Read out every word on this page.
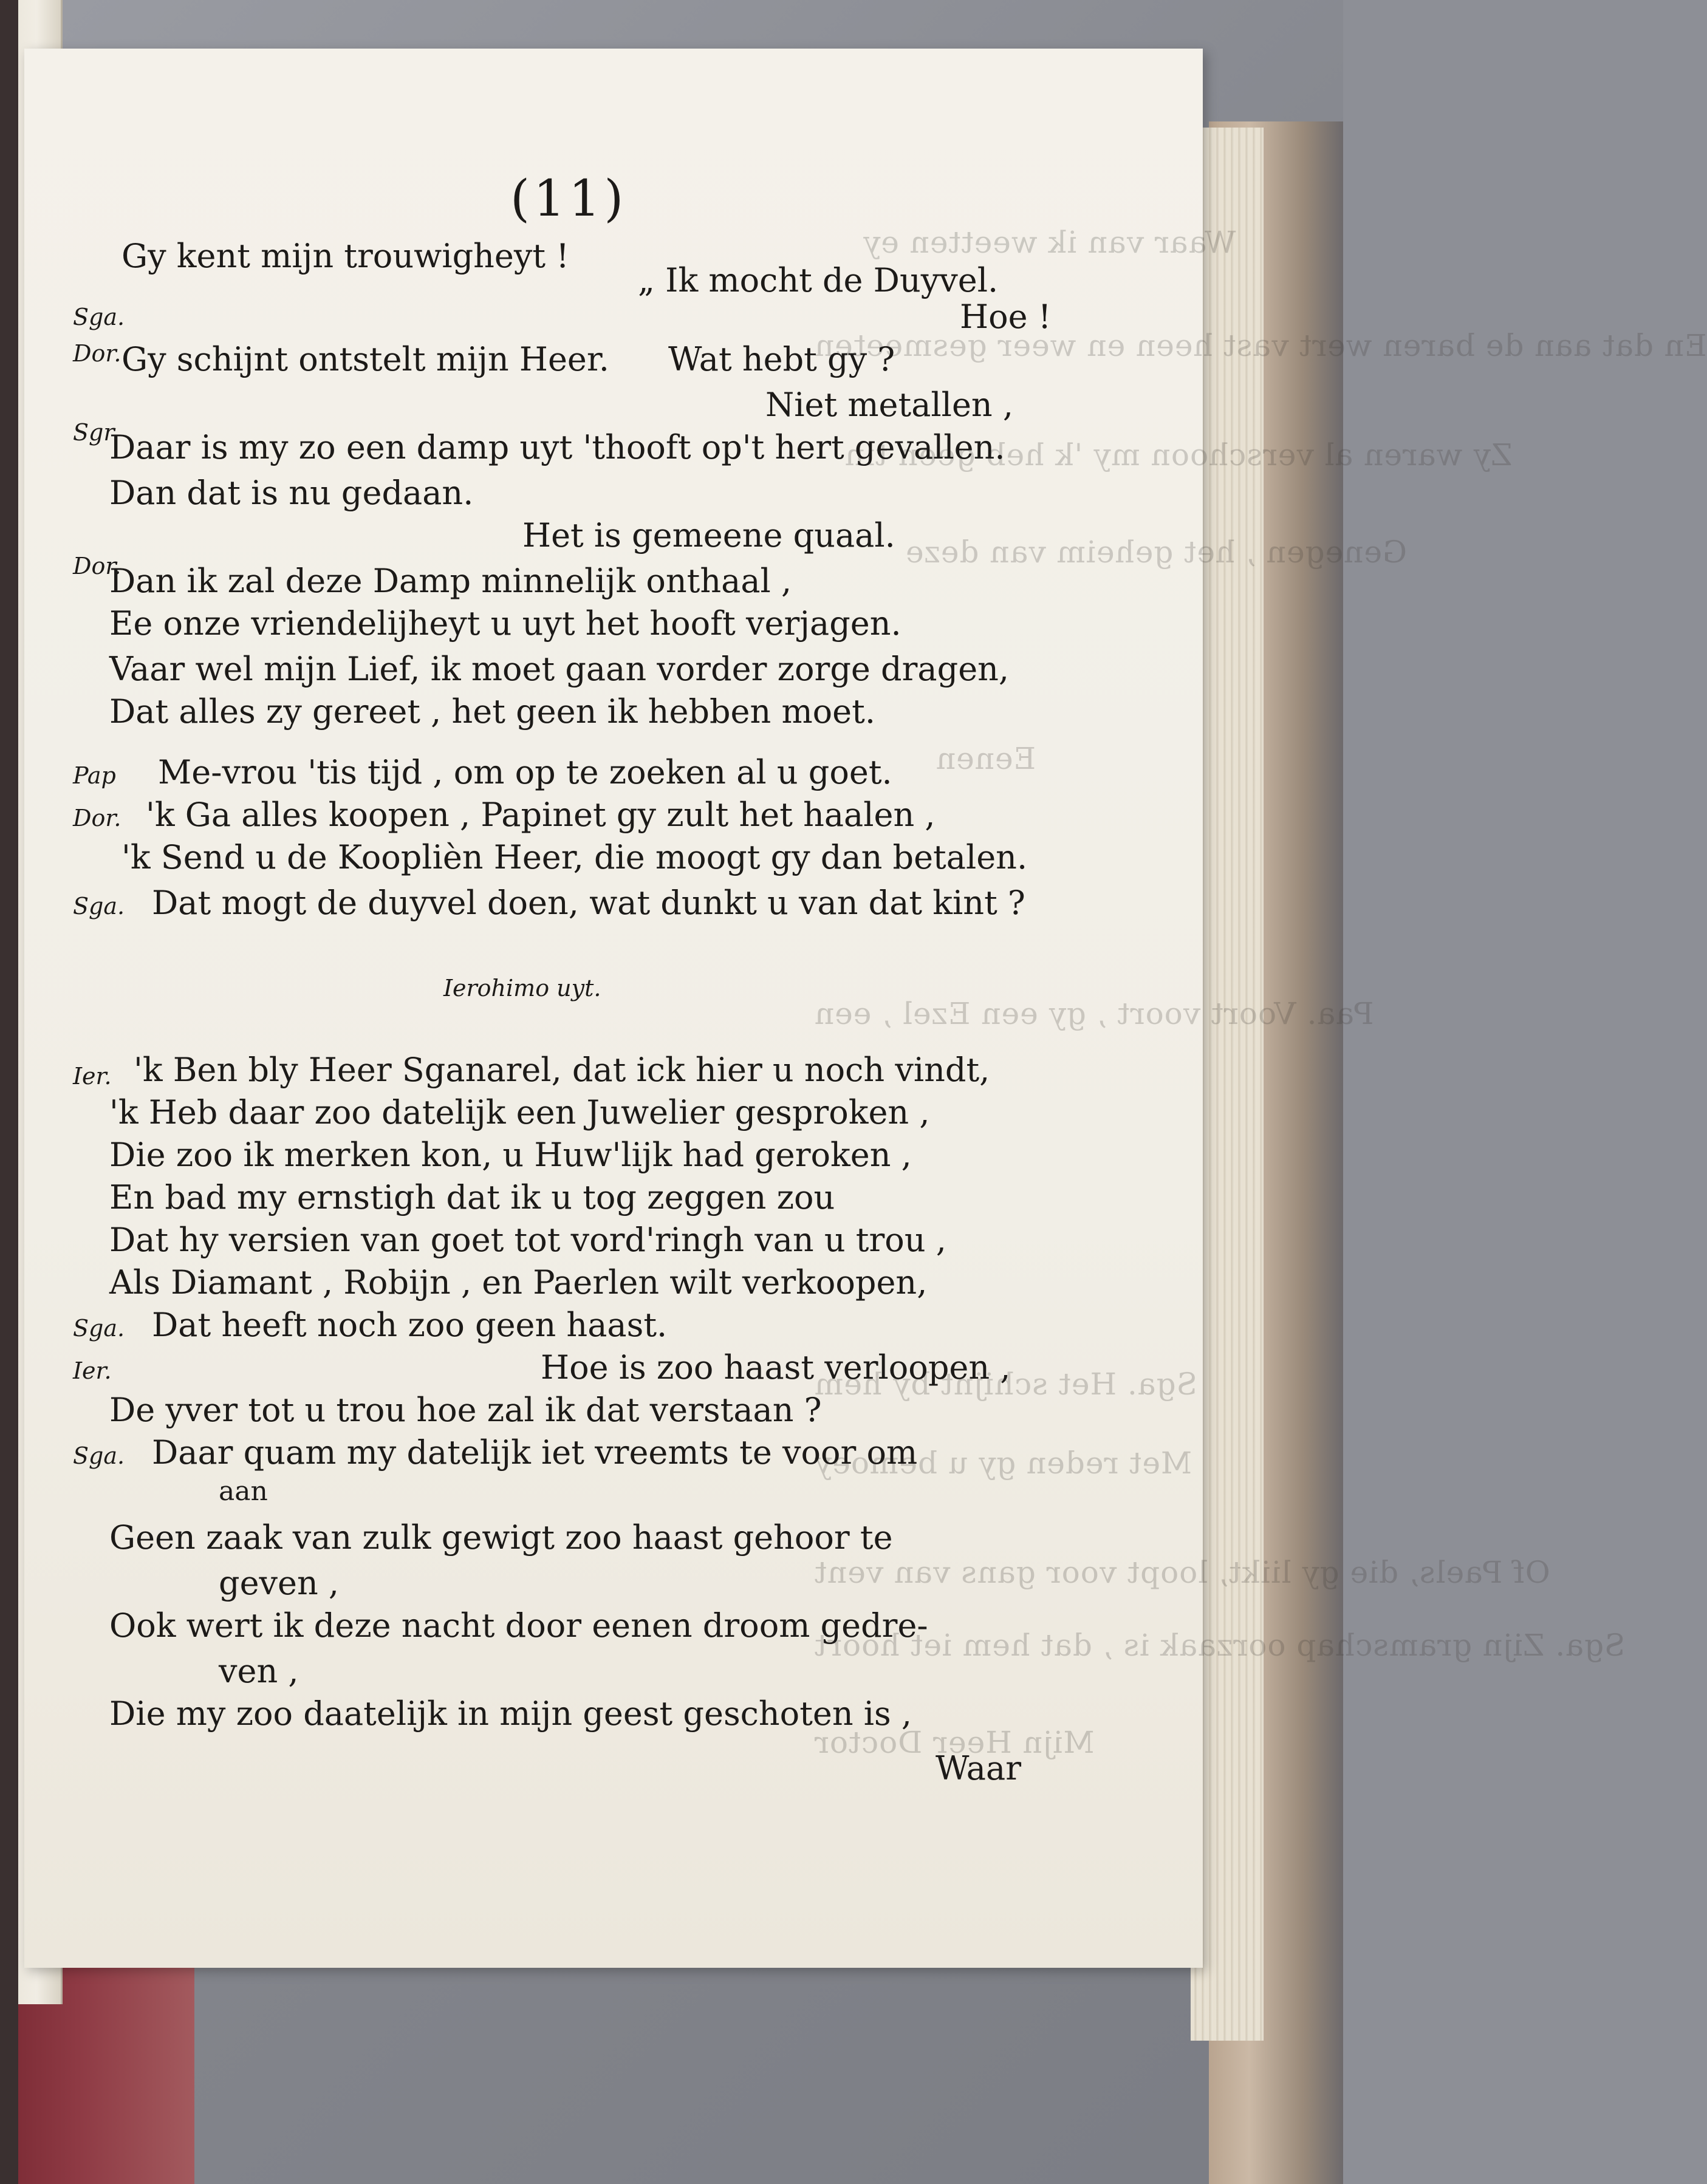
Waar van ik weetten ey
En dat aan de baren wert vast heen en weer gesmeeten
Zy waren al verschoon my 'k heb geen tin
Genegen , het geheim van deze
Eenen
Paa. Voort voort , gy een Ezel , een
Sga. Het schijnt by hem
Met reden gy u bemoey
Of Paels, die gy liikt, loopt voor gans van vent
Sga. Zijn gramschap oorzaak is , dat hem iet hoort
Mijn Heer Doctor
(11)
Gy kent mijn trouwigheyt !
Sga.
„ Ik mocht de Duyvel.
Dor.
Hoe !
Gy schijnt ontstelt mijn Heer. Wat hebt gy ?
Sgr.
Niet metallen ,
Daar is my zo een damp uyt 'thooft op't hert gevallen.
Dan dat is nu gedaan.
Dor.
Het is gemeene quaal.
Dan ik zal deze Damp minnelijk onthaal ,
Ee onze vriendelijheyt u uyt het hooft verjagen.
Vaar wel mijn Lief, ik moet gaan vorder zorge dragen,
Dat alles zy gereet , het geen ik hebben moet.
Pap Me-vrou 'tis tijd , om op te zoeken al u goet.
Dor. 'k Ga alles koopen , Papinet gy zult het haalen ,
'k Send u de Kooplièn Heer, die moogt gy dan betalen.
Sga. Dat mogt de duyvel doen, wat dunkt u van dat kint ?
Ierohimo uyt.
Ier. 'k Ben bly Heer Sganarel, dat ick hier u noch vindt,
'k Heb daar zoo datelijk een Juwelier gesproken ,
Die zoo ik merken kon, u Huw'lijk had geroken ,
En bad my ernstigh dat ik u tog zeggen zou
Dat hy versien van goet tot vord'ringh van u trou ,
Als Diamant , Robijn , en Paerlen wilt verkoopen,
Sga. Dat heeft noch zoo geen haast.
Ier.	Hoe is zoo haast verloopen ,
De yver tot u trou hoe zal ik dat verstaan ?
Sga. Daar quam my datelijk iet vreemts te voor om
aan
Geen zaak van zulk gewigt zoo haast gehoor te
geven ,
Ook wert ik deze nacht door eenen droom gedre-
ven ,
Die my zoo daatelijk in mijn geest geschoten is ,
Waar
